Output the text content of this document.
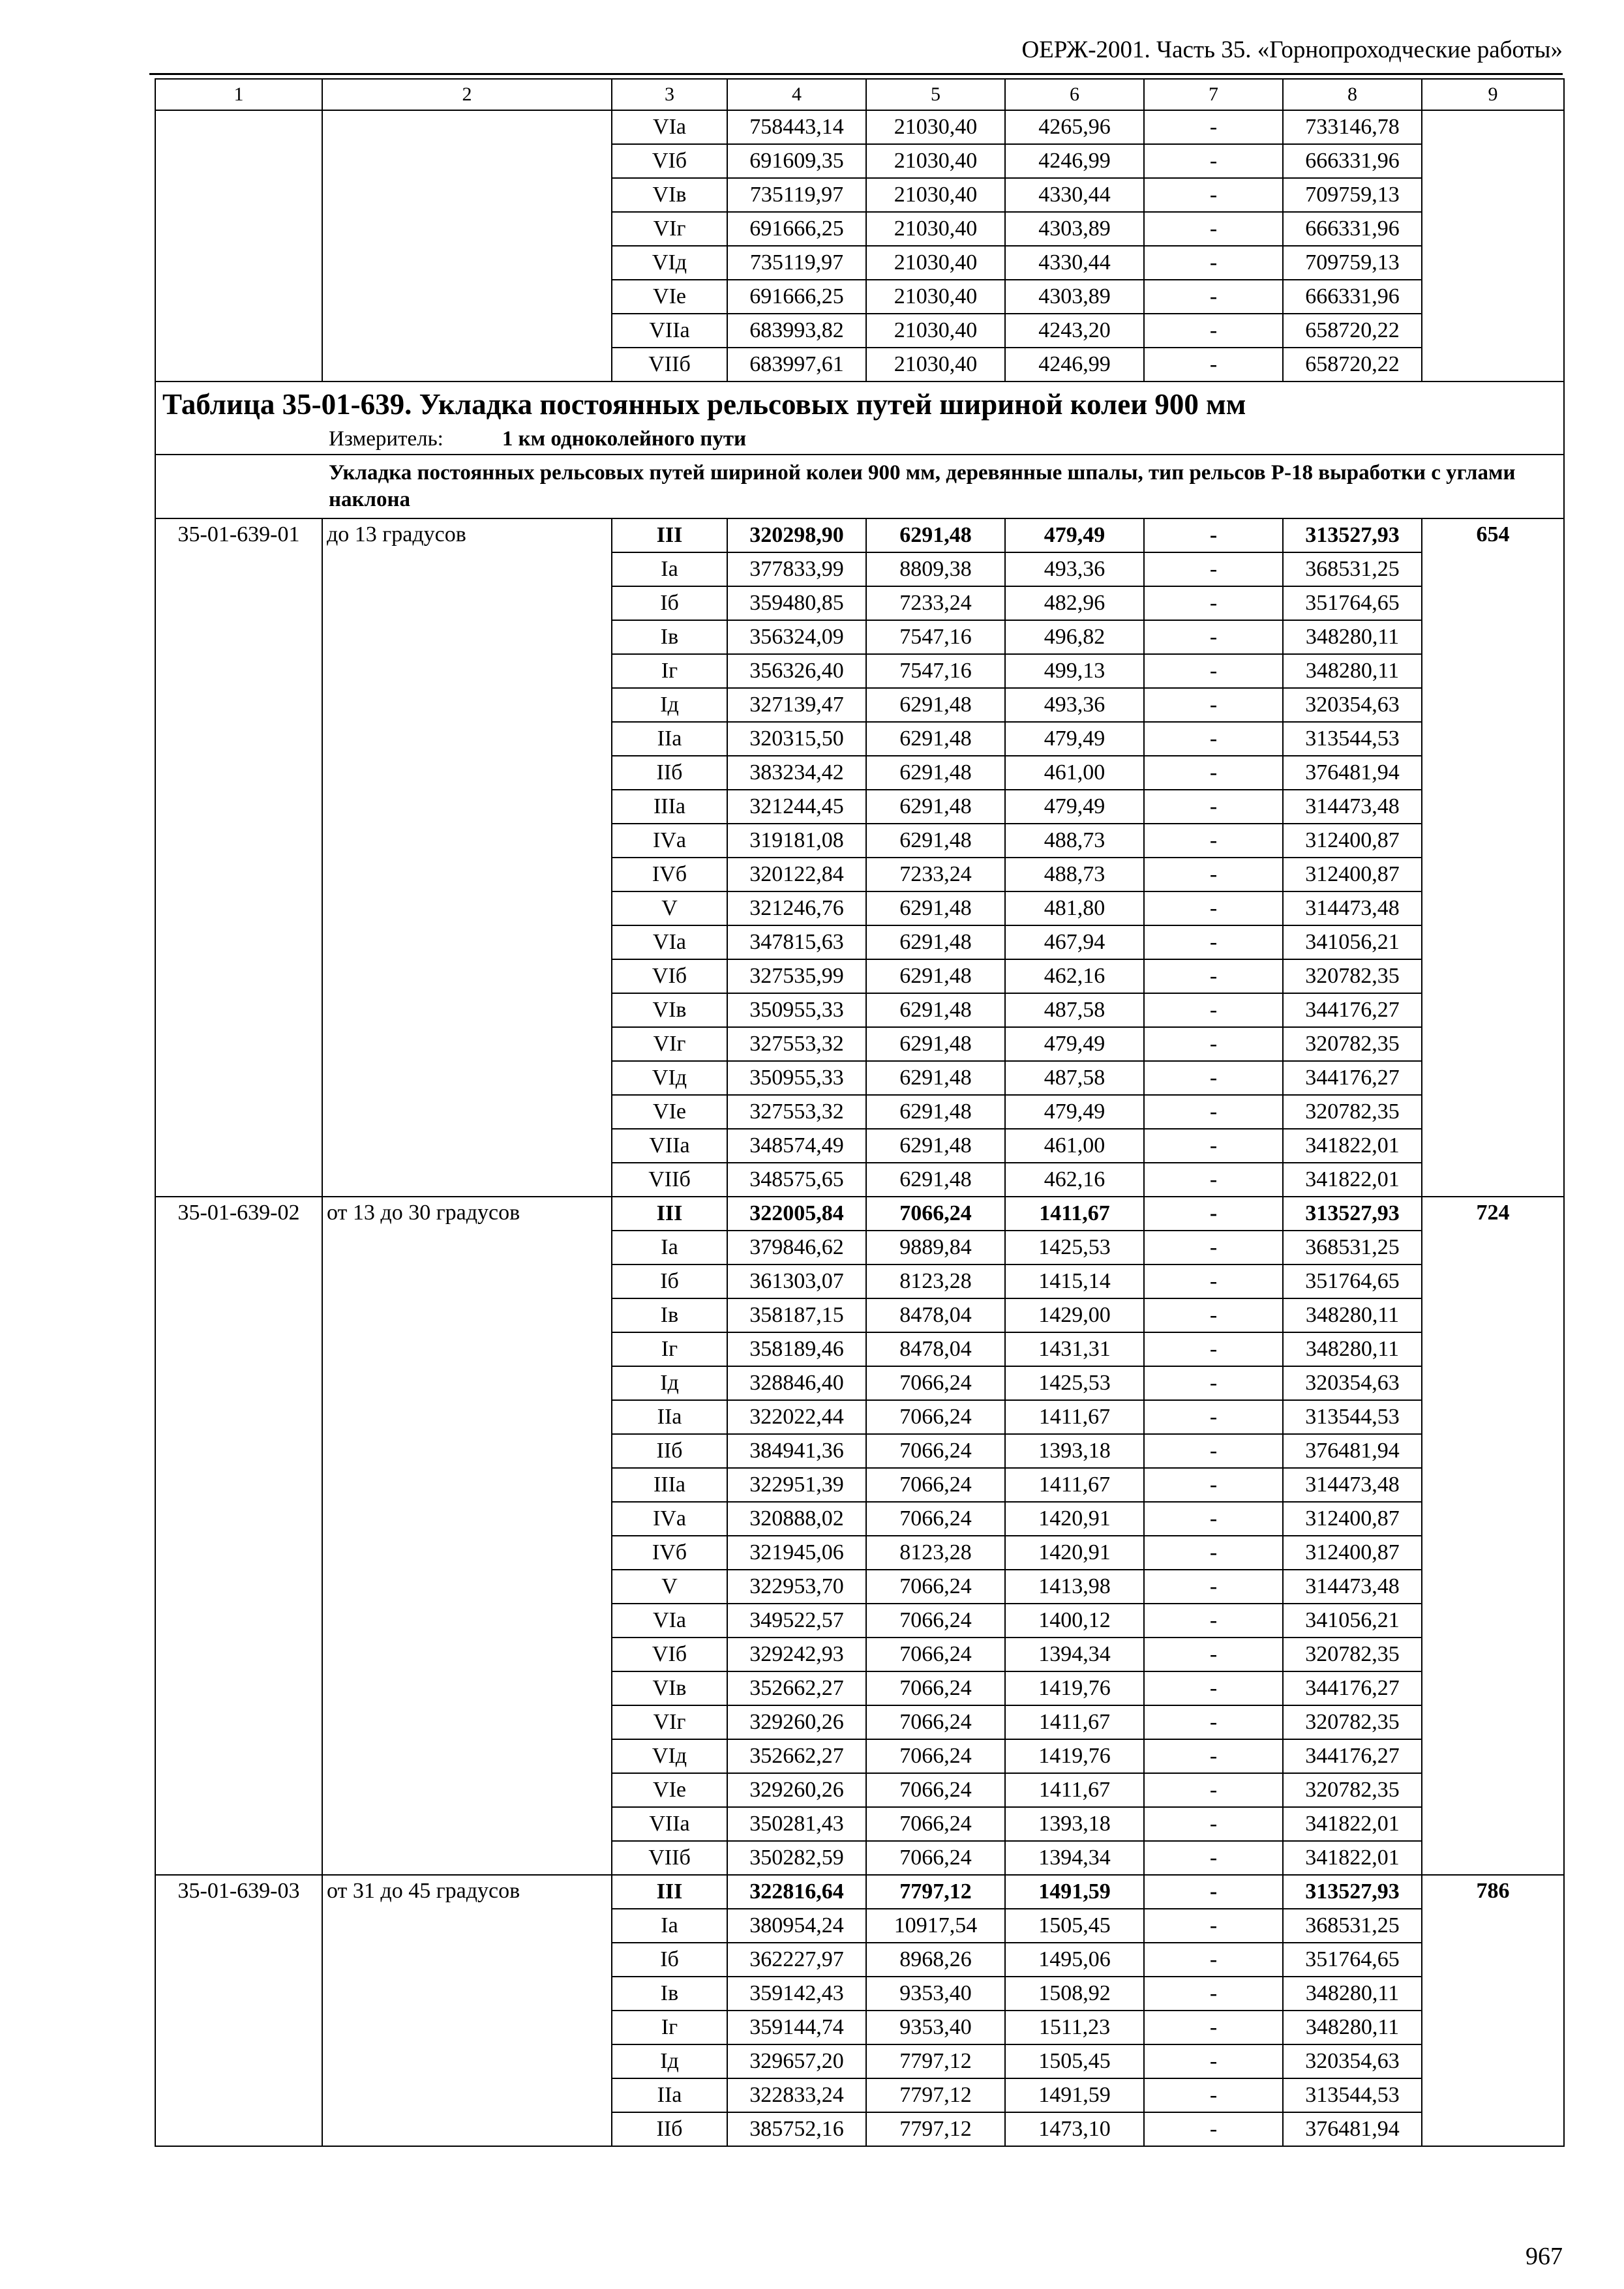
ОЕРЖ-2001. Часть 35. «Горнопроходческие работы»
1	2	3	4	5	6	7	8	9
		VIа	758443,14	21030,40	4265,96	-	733146,78	
		VIб	691609,35	21030,40	4246,99	-	666331,96	
		VIв	735119,97	21030,40	4330,44	-	709759,13	
		VIг	691666,25	21030,40	4303,89	-	666331,96	
		VIд	735119,97	21030,40	4330,44	-	709759,13	
		VIе	691666,25	21030,40	4303,89	-	666331,96	
		VIIа	683993,82	21030,40	4243,20	-	658720,22	
		VIIб	683997,61	21030,40	4246,99	-	658720,22	
Таблица 35-01-639. Укладка постоянных рельсовых путей шириной колеи 900 мм								
Измеритель: 1 км одноколейного пути								
Укладка постоянных рельсовых путей шириной колеи 900 мм, деревянные шпалы, тип рельсов Р-18 выработки с углами наклона								
35-01-639-01	до 13 градусов	III	320298,90	6291,48	479,49	-	313527,93	654
		Iа	377833,99	8809,38	493,36	-	368531,25	
		Iб	359480,85	7233,24	482,96	-	351764,65	
		Iв	356324,09	7547,16	496,82	-	348280,11	
		Iг	356326,40	7547,16	499,13	-	348280,11	
		Iд	327139,47	6291,48	493,36	-	320354,63	
		IIа	320315,50	6291,48	479,49	-	313544,53	
		IIб	383234,42	6291,48	461,00	-	376481,94	
		IIIа	321244,45	6291,48	479,49	-	314473,48	
		IVа	319181,08	6291,48	488,73	-	312400,87	
		IVб	320122,84	7233,24	488,73	-	312400,87	
		V	321246,76	6291,48	481,80	-	314473,48	
		VIа	347815,63	6291,48	467,94	-	341056,21	
		VIб	327535,99	6291,48	462,16	-	320782,35	
		VIв	350955,33	6291,48	487,58	-	344176,27	
		VIг	327553,32	6291,48	479,49	-	320782,35	
		VIд	350955,33	6291,48	487,58	-	344176,27	
		VIе	327553,32	6291,48	479,49	-	320782,35	
		VIIа	348574,49	6291,48	461,00	-	341822,01	
		VIIб	348575,65	6291,48	462,16	-	341822,01	
35-01-639-02	от 13 до 30 градусов	III	322005,84	7066,24	1411,67	-	313527,93	724
		Iа	379846,62	9889,84	1425,53	-	368531,25	
		Iб	361303,07	8123,28	1415,14	-	351764,65	
		Iв	358187,15	8478,04	1429,00	-	348280,11	
		Iг	358189,46	8478,04	1431,31	-	348280,11	
		Iд	328846,40	7066,24	1425,53	-	320354,63	
		IIа	322022,44	7066,24	1411,67	-	313544,53	
		IIб	384941,36	7066,24	1393,18	-	376481,94	
		IIIа	322951,39	7066,24	1411,67	-	314473,48	
		IVа	320888,02	7066,24	1420,91	-	312400,87	
		IVб	321945,06	8123,28	1420,91	-	312400,87	
		V	322953,70	7066,24	1413,98	-	314473,48	
		VIа	349522,57	7066,24	1400,12	-	341056,21	
		VIб	329242,93	7066,24	1394,34	-	320782,35	
		VIв	352662,27	7066,24	1419,76	-	344176,27	
		VIг	329260,26	7066,24	1411,67	-	320782,35	
		VIд	352662,27	7066,24	1419,76	-	344176,27	
		VIе	329260,26	7066,24	1411,67	-	320782,35	
		VIIа	350281,43	7066,24	1393,18	-	341822,01	
		VIIб	350282,59	7066,24	1394,34	-	341822,01	
35-01-639-03	от 31 до 45 градусов	III	322816,64	7797,12	1491,59	-	313527,93	786
		Iа	380954,24	10917,54	1505,45	-	368531,25	
		Iб	362227,97	8968,26	1495,06	-	351764,65	
		Iв	359142,43	9353,40	1508,92	-	348280,11	
		Iг	359144,74	9353,40	1511,23	-	348280,11	
		Iд	329657,20	7797,12	1505,45	-	320354,63	
		IIа	322833,24	7797,12	1491,59	-	313544,53	
		IIб	385752,16	7797,12	1473,10	-	376481,94	
967
